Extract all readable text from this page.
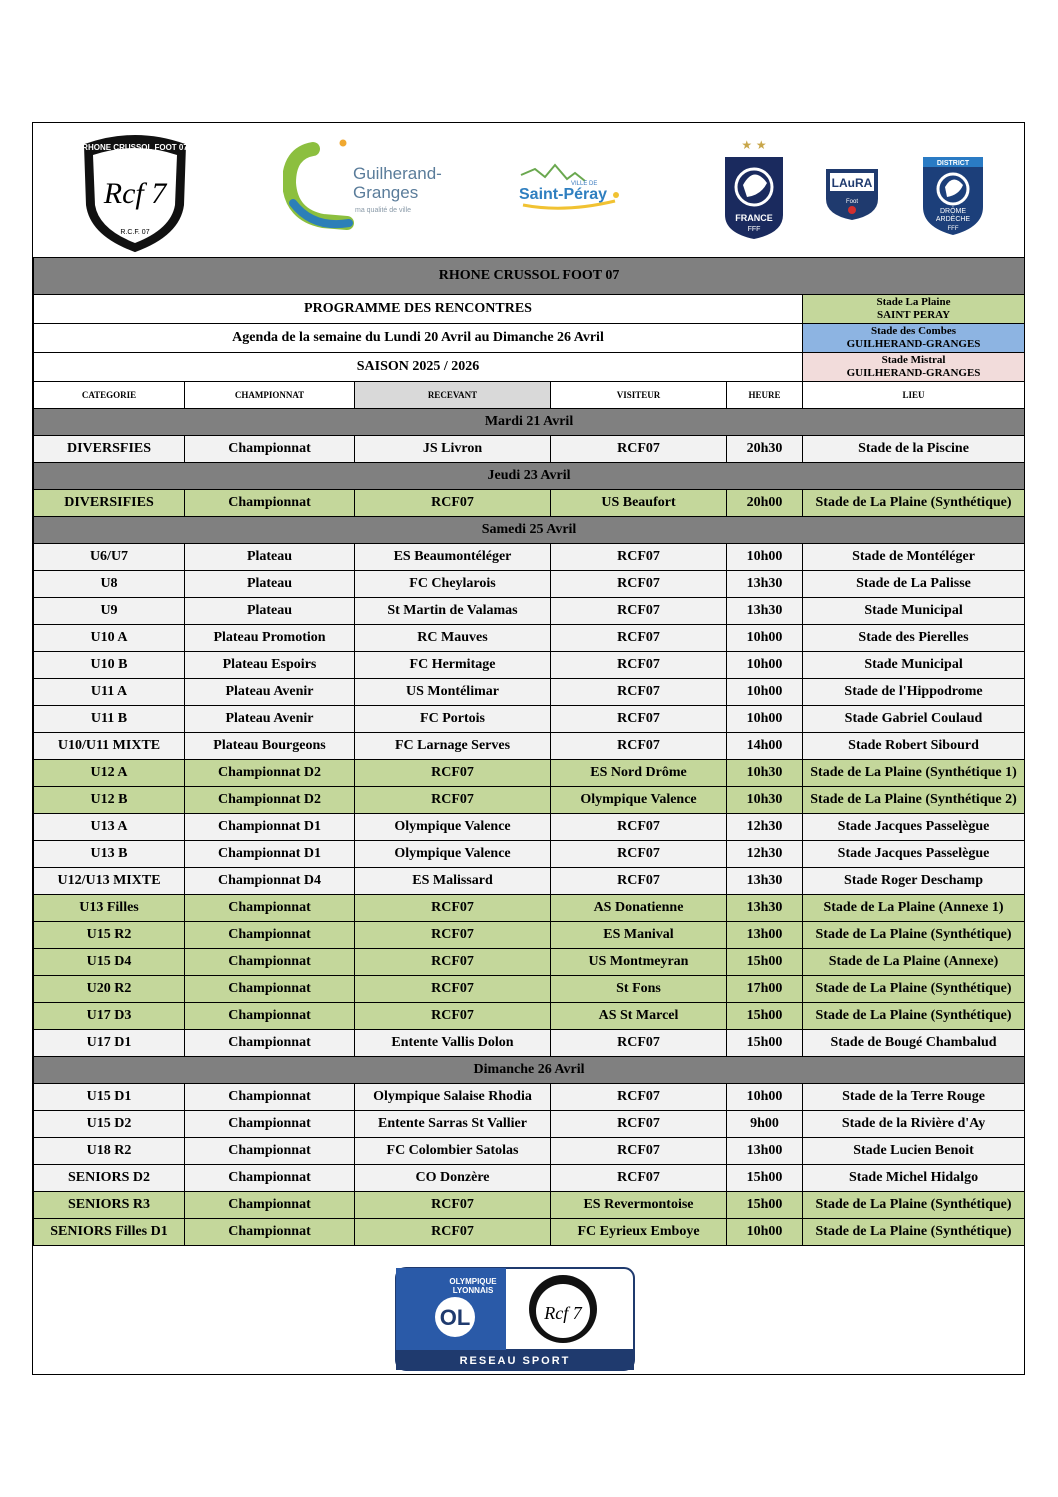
RHONE CRUSSOL FOOT 07
Rcf 7
R.C.F. 07
Guilherand-
Granges
ma qualité de ville
VILLE DE
Saint-Péray
★ ★
FRANCE
FFF
LAuRA
Foot
DISTRICT
DRÔME
ARDÈCHE
FFF
RHONE CRUSSOL FOOT 07					
PROGRAMME DES RENCONTRES					Stade La Plaine
SAINT PERAY

Agenda de la semaine du Lundi 20 Avril au Dimanche 26 Avril					Stade des Combes
GUILHERAND-GRANGES

SAISON 2025 / 2026					Stade Mistral
GUILHERAND-GRANGES

CATEGORIE	CHAMPIONNAT	RECEVANT	VISITEUR	HEURE	LIEU
Mardi 21 Avril					
DIVERSFIES	Championnat	JS Livron	RCF07	20h30	Stade de la Piscine
Jeudi 23 Avril					
DIVERSIFIES	Championnat	RCF07	US Beaufort	20h00	Stade de La Plaine (Synthétique)
Samedi 25 Avril					
U6/U7	Plateau	ES Beaumontéléger	RCF07	10h00	Stade de Montéléger
U8	Plateau	FC Cheylarois	RCF07	13h30	Stade de La Palisse
U9	Plateau	St Martin de Valamas	RCF07	13h30	Stade Municipal
U10 A	Plateau Promotion	RC Mauves	RCF07	10h00	Stade des Pierelles
U10 B	Plateau Espoirs	FC Hermitage	RCF07	10h00	Stade Municipal
U11 A	Plateau Avenir	US Montélimar	RCF07	10h00	Stade de l'Hippodrome
U11 B	Plateau Avenir	FC Portois	RCF07	10h00	Stade Gabriel Coulaud
U10/U11 MIXTE	Plateau Bourgeons	FC Larnage Serves	RCF07	14h00	Stade Robert Sibourd
U12 A	Championnat D2	RCF07	ES Nord Drôme	10h30	Stade de La Plaine (Synthétique 1)
U12 B	Championnat D2	RCF07	Olympique Valence	10h30	Stade de La Plaine (Synthétique 2)
U13 A	Championnat D1	Olympique Valence	RCF07	12h30	Stade Jacques Passelègue
U13 B	Championnat D1	Olympique Valence	RCF07	12h30	Stade Jacques Passelègue
U12/U13 MIXTE	Championnat D4	ES Malissard	RCF07	13h30	Stade Roger Deschamp
U13 Filles	Championnat	RCF07	AS Donatienne	13h30	Stade de La Plaine (Annexe 1)
U15 R2	Championnat	RCF07	ES Manival	13h00	Stade de La Plaine (Synthétique)
U15 D4	Championnat	RCF07	US Montmeyran	15h00	Stade de La Plaine (Annexe)
U20 R2	Championnat	RCF07	St Fons	17h00	Stade de La Plaine (Synthétique)
U17 D3	Championnat	RCF07	AS St Marcel	15h00	Stade de La Plaine (Synthétique)
U17 D1	Championnat	Entente Vallis Dolon	RCF07	15h00	Stade de Bougé Chambalud
Dimanche 26 Avril					
U15 D1	Championnat	Olympique Salaise Rhodia	RCF07	10h00	Stade de la Terre Rouge
U15 D2	Championnat	Entente Sarras St Vallier	RCF07	9h00	Stade de la Rivière d'Ay
U18 R2	Championnat	FC Colombier Satolas	RCF07	13h00	Stade Lucien Benoit
SENIORS D2	Championnat	CO Donzère	RCF07	15h00	Stade Michel Hidalgo
SENIORS R3	Championnat	RCF07	ES Revermontoise	15h00	Stade de La Plaine (Synthétique)
SENIORS Filles D1	Championnat	RCF07	FC Eyrieux Emboye	10h00	Stade de La Plaine (Synthétique)
OLYMPIQUE
LYONNAIS
OL	Rcf 7
RESEAU SPORT
